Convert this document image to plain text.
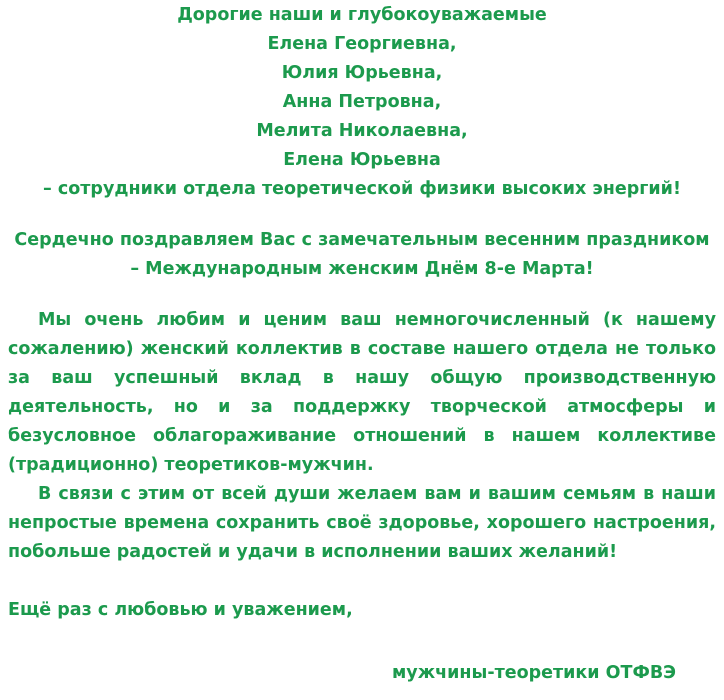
Дорогие наши и глубокоуважаемые
Елена Георгиевна,
Юлия Юрьевна,
Анна Петровна,
Мелита Николаевна,
Елена Юрьевна
– сотрудники отдела теоретической физики высоких энергий!
Сердечно поздравляем Вас с замечательным весенним праздником
– Международным женским Днём 8-е Марта!

Мы очень любим и ценим ваш немногочисленный (к нашему сожалению) женский коллектив в составе нашего отдела не только за ваш успешный вклад в нашу общую производственную деятельность, но и за поддержку творческой атмосферы и безусловное облагораживание отношений в нашем коллективе (традиционно) теоретиков-мужчин.

В связи с этим от всей души желаем вам и вашим семьям в наши непростые времена сохранить своё здоровье, хорошего настроения, побольше радостей и удачи в исполнении ваших желаний!

Ещё раз с любовью и уважением,
мужчины-теоретики ОТФВЭ
